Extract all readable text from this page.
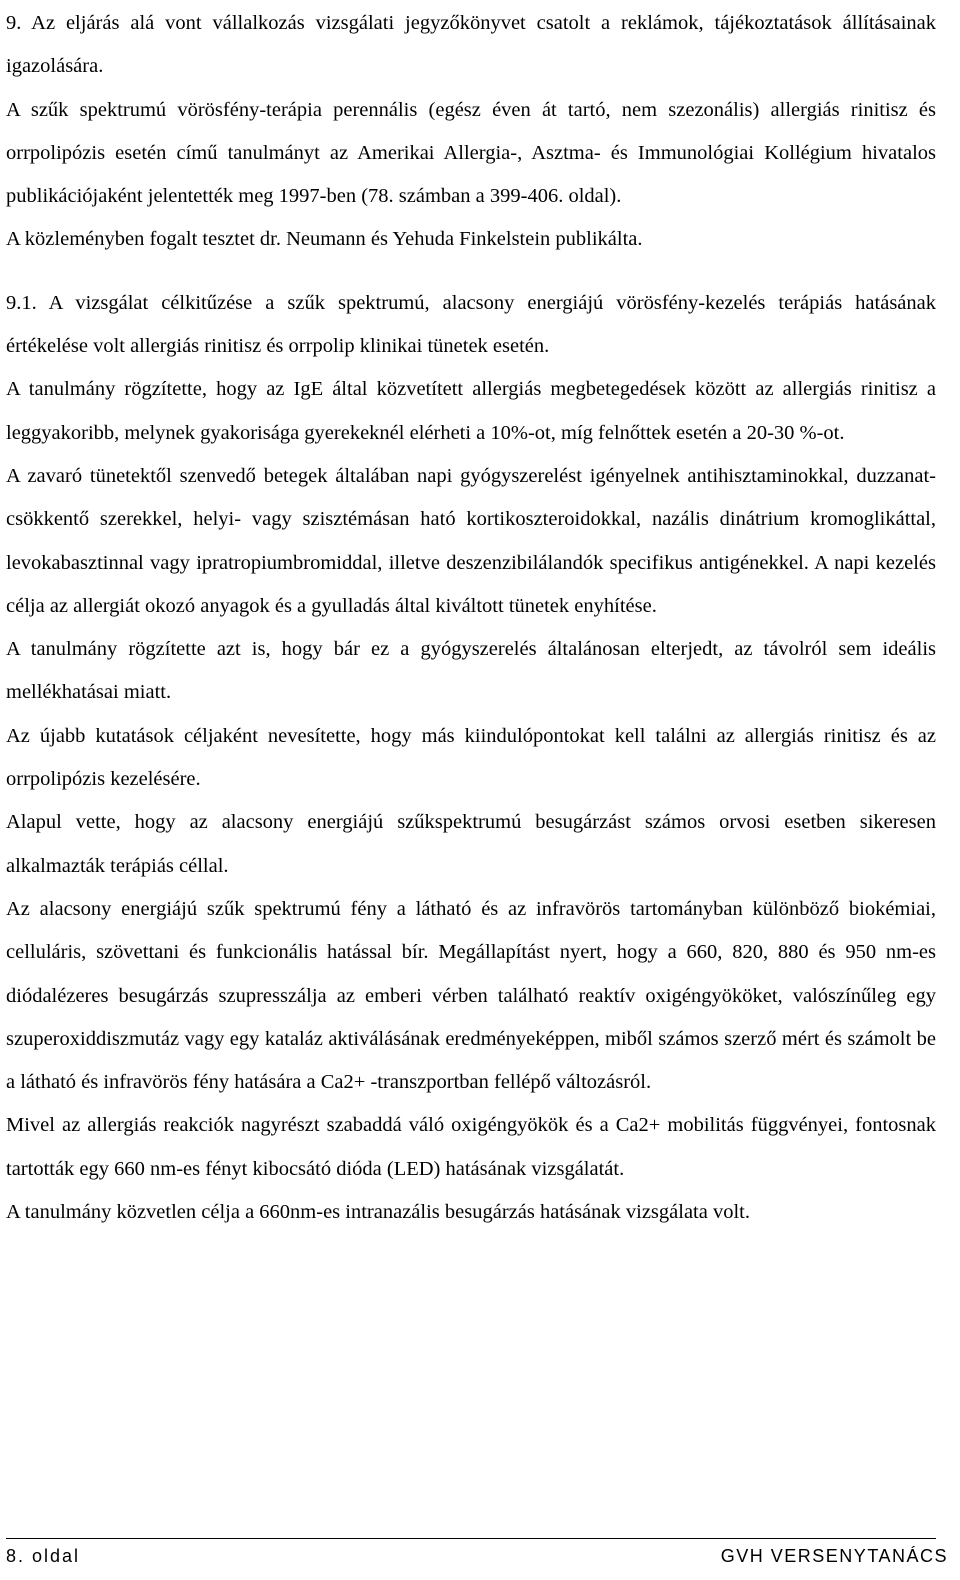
9. Az eljárás alá vont vállalkozás vizsgálati jegyzőkönyvet csatolt a reklámok, tájékoztatások állításainak igazolására.

A szűk spektrumú vörösfény-terápia perennális (egész éven át tartó, nem szezonális) allergiás rinitisz és orrpolipózis esetén című tanulmányt az Amerikai Allergia-, Asztma- és Immunológiai Kollégium hivatalos publikációjaként jelentették meg 1997-ben (78. számban a 399-406. oldal).

A közleményben fogalt tesztet dr. Neumann és Yehuda Finkelstein publikálta.

9.1. A vizsgálat célkitűzése a szűk spektrumú, alacsony energiájú vörösfény-kezelés terápiás hatásának értékelése volt allergiás rinitisz és orrpolip klinikai tünetek esetén.

A tanulmány rögzítette, hogy az IgE által közvetített allergiás megbetegedések között az allergiás rinitisz a leggyakoribb, melynek gyakorisága gyerekeknél elérheti a 10%-ot, míg felnőttek esetén a 20-30 %-ot.

A zavaró tünetektől szenvedő betegek általában napi gyógyszerelést igényelnek antihisztaminokkal, duzzanat-csökkentő szerekkel, helyi- vagy szisztémásan ható kortikoszteroidokkal, nazális dinátrium kromoglikáttal, levokabasztinnal vagy ipratropiumbromiddal, illetve deszenzibilálandók specifikus antigénekkel. A napi kezelés célja az allergiát okozó anyagok és a gyulladás által kiváltott tünetek enyhítése.

A tanulmány rögzítette azt is, hogy bár ez a gyógyszerelés általánosan elterjedt, az távolról sem ideális mellékhatásai miatt.

Az újabb kutatások céljaként nevesítette, hogy más kiindulópontokat kell találni az allergiás rinitisz és az orrpolipózis kezelésére.

Alapul vette, hogy az alacsony energiájú szűkspektrumú besugárzást számos orvosi esetben sikeresen alkalmazták terápiás céllal.

Az alacsony energiájú szűk spektrumú fény a látható és az infravörös tartományban különböző biokémiai, celluláris, szövettani és funkcionális hatással bír. Megállapítást nyert, hogy a 660, 820, 880 és 950 nm-es diódalézeres besugárzás szupresszálja az emberi vérben található reaktív oxigéngyököket, valószínűleg egy szuperoxiddiszmutáz vagy egy kataláz aktiválásának eredményeképpen, miből számos szerző mért és számolt be a látható és infravörös fény hatására a Ca2+ -transzportban fellépő változásról.

Mivel az allergiás reakciók nagyrészt szabaddá váló oxigéngyökök és a Ca2+ mobilitás függvényei, fontosnak tartották egy 660 nm-es fényt kibocsátó dióda (LED) hatásának vizsgálatát.

A tanulmány közvetlen célja a 660nm-es intranazális besugárzás hatásának vizsgálata volt.

8. oldal	GVH VERSENYTANÁCS
